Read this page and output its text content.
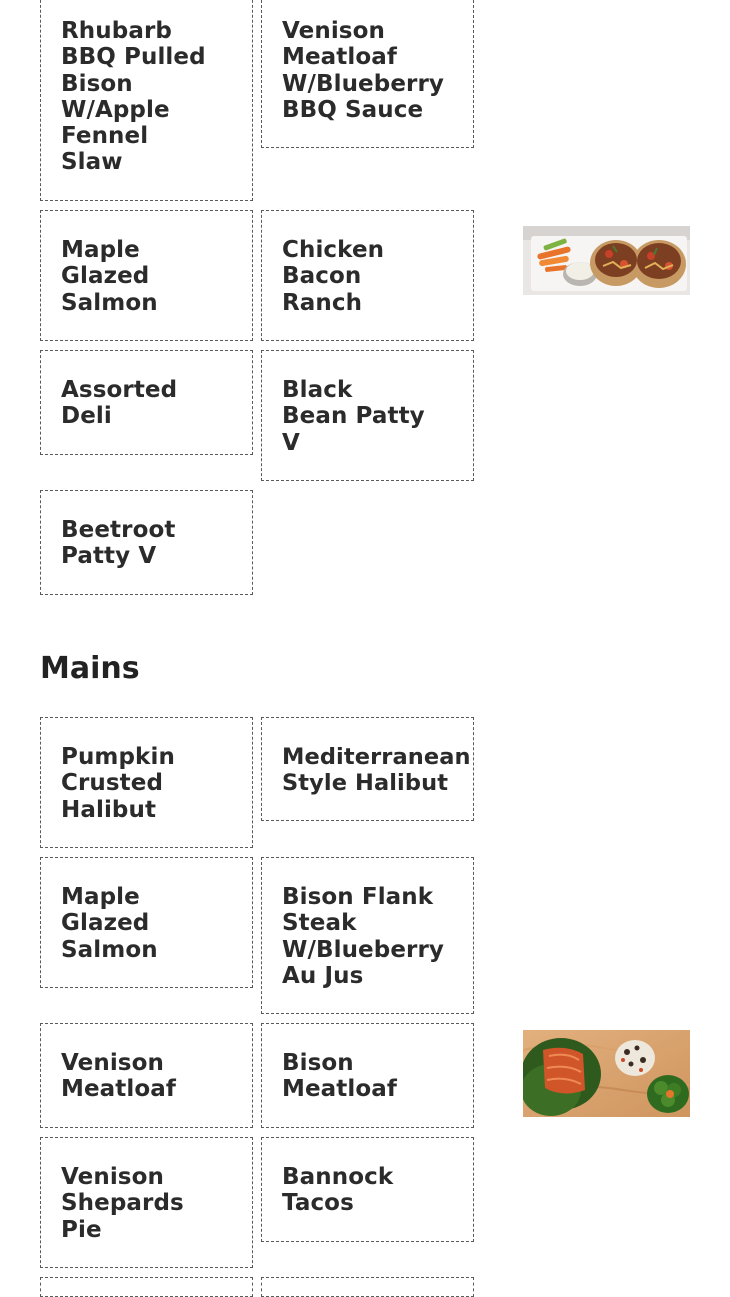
Rhubarb
BBQ Pulled
Bison
W/Apple
Fennel
Slaw
Venison
Meatloaf
W/Blueberry
BBQ Sauce
Maple
Glazed
Salmon
Chicken
Bacon
Ranch
Assorted
Deli
Black
Bean Patty
V
Beetroot
Patty V
Mains
Pumpkin
Crusted
Halibut
Mediterranean
Style Halibut
Maple
Glazed
Salmon
Bison Flank
Steak
W/Blueberry
Au Jus
Venison
Meatloaf
Bison
Meatloaf
Venison
Shepards
Pie
Bannock
Tacos
